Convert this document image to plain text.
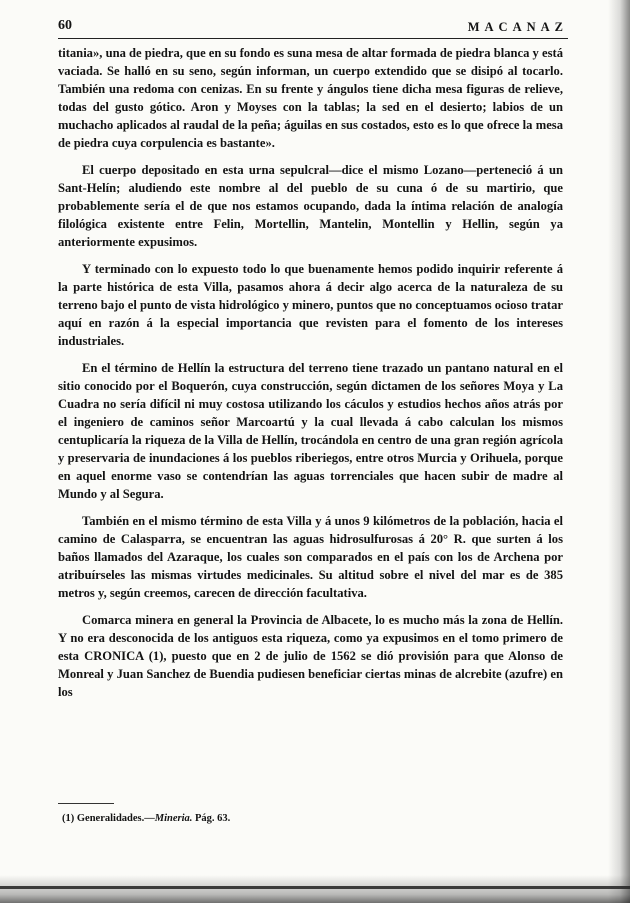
60	MACANAZ

titania», una de piedra, que en su fondo es suna mesa de altar formada de piedra blanca y está vaciada. Se halló en su seno, según informan, un cuerpo extendido que se disipó al tocarlo. También una redoma con cenizas. En su frente y ángulos tiene dicha mesa figuras de relieve, todas del gusto gótico. Aron y Moyses con la tablas; la sed en el desierto; labios de un muchacho aplicados al raudal de la peña; águilas en sus costados, esto es lo que ofrece la mesa de piedra cuya corpulencia es bastante».

El cuerpo depositado en esta urna sepulcral—dice el mismo Lozano—perteneció á un Sant-Helín; aludiendo este nombre al del pueblo de su cuna ó de su martirio, que probablemente sería el de que nos estamos ocupando, dada la íntima relación de analogía filológica existente entre Felin, Mortellin, Mantelin, Montellin y Hellin, según ya anteriormente expusimos.

Y terminado con lo expuesto todo lo que buenamente hemos podido inquirir referente á la parte histórica de esta Villa, pasamos ahora á decir algo acerca de la naturaleza de su terreno bajo el punto de vista hidrológico y minero, puntos que no conceptuamos ocioso tratar aquí en razón á la especial importancia que revisten para el fomento de los intereses industriales.

En el término de Hellín la estructura del terreno tiene trazado un pantano natural en el sitio conocido por el Boquerón, cuya construcción, según dictamen de los señores Moya y La Cuadra no sería difícil ni muy costosa utilizando los cáculos y estudios hechos años atrás por el ingeniero de caminos señor Marcoartú y la cual llevada á cabo calculan los mismos centuplicaría la riqueza de la Villa de Hellín, trocándola en centro de una gran región agrícola y preservaria de inundaciones á los pueblos riberiegos, entre otros Murcia y Orihuela, porque en aquel enorme vaso se contendrían las aguas torrenciales que hacen subir de madre al Mundo y al Segura.

También en el mismo término de esta Villa y á unos 9 kilómetros de la población, hacia el camino de Calasparra, se encuentran las aguas hidrosulfurosas á 20° R. que surten á los baños llamados del Azaraque, los cuales son comparados en el país con los de Archena por atribuírseles las mismas virtudes medicinales. Su altitud sobre el nivel del mar es de 385 metros y, según creemos, carecen de dirección facultativa.

Comarca minera en general la Provincia de Albacete, lo es mucho más la zona de Hellín. Y no era desconocida de los antiguos esta riqueza, como ya expusimos en el tomo primero de esta CRONICA (1), puesto que en 2 de julio de 1562 se dió provisión para que Alonso de Monreal y Juan Sanchez de Buendia pudiesen beneficiar ciertas minas de alcrebite (azufre) en los

(1) Generalidades.—Mineria. Pág. 63.
